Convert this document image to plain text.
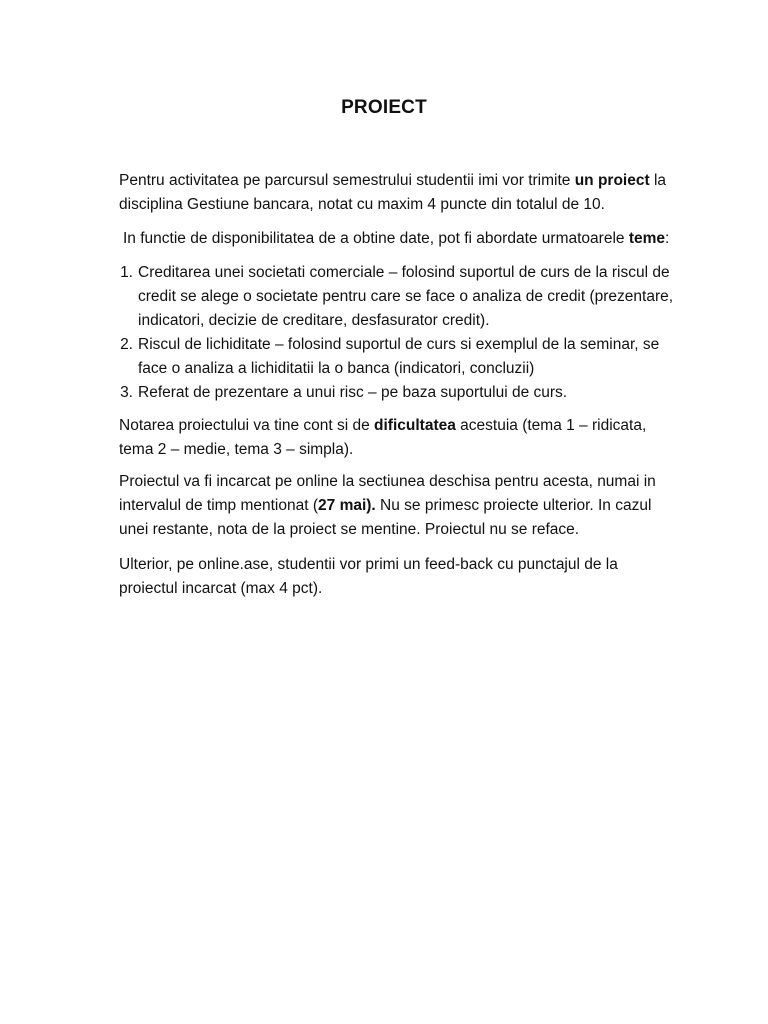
PROIECT
Pentru activitatea pe parcursul semestrului studentii imi vor trimite un proiect la disciplina Gestiune bancara, notat cu maxim 4 puncte din totalul de 10.
In functie de disponibilitatea de a obtine date, pot fi abordate urmatoarele teme:
1. Creditarea unei societati comerciale – folosind suportul de curs de la riscul de credit se alege o societate pentru care se face o analiza de credit (prezentare, indicatori, decizie de creditare, desfasurator credit).
2. Riscul de lichiditate – folosind suportul de curs si exemplul de la seminar, se face o analiza a lichiditatii la o banca (indicatori, concluzii)
3. Referat de prezentare a unui risc – pe baza suportului de curs.
Notarea proiectului va tine cont si de dificultatea acestuia (tema 1 – ridicata, tema 2 – medie, tema 3 – simpla).
Proiectul va fi incarcat pe online la sectiunea deschisa pentru acesta, numai in intervalul de timp mentionat (27 mai). Nu se primesc proiecte ulterior. In cazul unei restante, nota de la proiect se mentine. Proiectul nu se reface.
Ulterior, pe online.ase, studentii vor primi un feed-back cu punctajul de la proiectul incarcat (max 4 pct).
